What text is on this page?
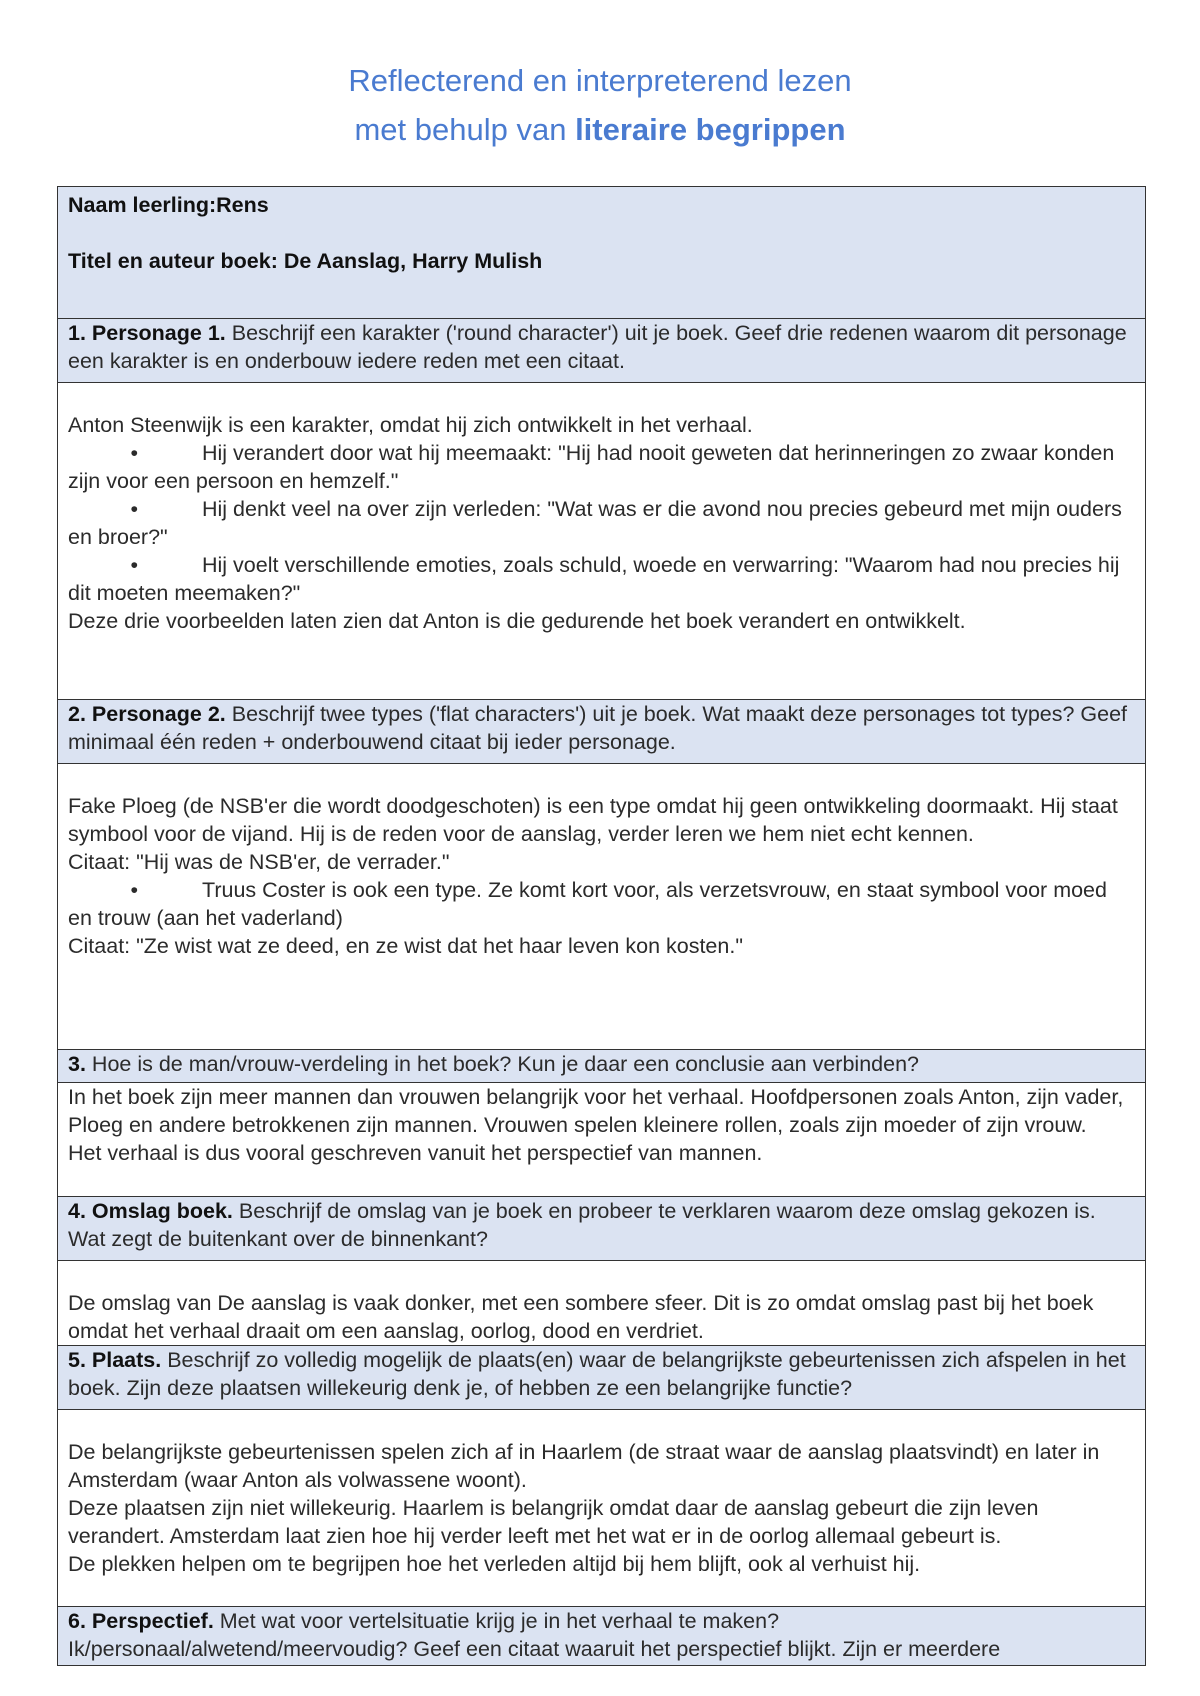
Reflecterend en interpreterend lezen
met behulp van literaire begrippen

Naam leerling:Rens

Titel en auteur boek: De Aanslag, Harry Mulish

1. Personage 1. Beschrijf een karakter ('round character') uit je boek. Geef drie redenen waarom dit personage een karakter is en onderbouw iedere reden met een citaat.

Anton Steenwijk is een karakter, omdat hij zich ontwikkelt in het verhaal.
•	Hij verandert door wat hij meemaakt: "Hij had nooit geweten dat herinneringen zo zwaar konden zijn voor een persoon en hemzelf."
•	Hij denkt veel na over zijn verleden: "Wat was er die avond nou precies gebeurd met mijn ouders en broer?"
•	Hij voelt verschillende emoties, zoals schuld, woede en verwarring: "Waarom had nou precies hij dit moeten meemaken?"
Deze drie voorbeelden laten zien dat Anton is die gedurende het boek verandert en ontwikkelt.

2. Personage 2. Beschrijf twee types ('flat characters') uit je boek. Wat maakt deze personages tot types? Geef minimaal één reden + onderbouwend citaat bij ieder personage.

Fake Ploeg (de NSB'er die wordt doodgeschoten) is een type omdat hij geen ontwikkeling doormaakt. Hij staat symbool voor de vijand. Hij is de reden voor de aanslag, verder leren we hem niet echt kennen.
Citaat: "Hij was de NSB'er, de verrader."
•	Truus Coster is ook een type. Ze komt kort voor, als verzetsvrouw, en staat symbool voor moed en trouw (aan het vaderland)
Citaat: "Ze wist wat ze deed, en ze wist dat het haar leven kon kosten."

3. Hoe is de man/vrouw-verdeling in het boek? Kun je daar een conclusie aan verbinden?

In het boek zijn meer mannen dan vrouwen belangrijk voor het verhaal. Hoofdpersonen zoals Anton, zijn vader, Ploeg en andere betrokkenen zijn mannen. Vrouwen spelen kleinere rollen, zoals zijn moeder of zijn vrouw.
Het verhaal is dus vooral geschreven vanuit het perspectief van mannen.

4. Omslag boek. Beschrijf de omslag van je boek en probeer te verklaren waarom deze omslag gekozen is. Wat zegt de buitenkant over de binnenkant?

De omslag van De aanslag is vaak donker, met een sombere sfeer. Dit is zo omdat omslag past bij het boek omdat het verhaal draait om een aanslag, oorlog, dood en verdriet.

5. Plaats. Beschrijf zo volledig mogelijk de plaats(en) waar de belangrijkste gebeurtenissen zich afspelen in het boek. Zijn deze plaatsen willekeurig denk je, of hebben ze een belangrijke functie?

De belangrijkste gebeurtenissen spelen zich af in Haarlem (de straat waar de aanslag plaatsvindt) en later in Amsterdam (waar Anton als volwassene woont).
Deze plaatsen zijn niet willekeurig. Haarlem is belangrijk omdat daar de aanslag gebeurt die zijn leven verandert. Amsterdam laat zien hoe hij verder leeft met het wat er in de oorlog allemaal gebeurt is.
De plekken helpen om te begrijpen hoe het verleden altijd bij hem blijft, ook al verhuist hij.

6. Perspectief. Met wat voor vertelsituatie krijg je in het verhaal te maken?
Ik/personaal/alwetend/meervoudig? Geef een citaat waaruit het perspectief blijkt. Zijn er meerdere
